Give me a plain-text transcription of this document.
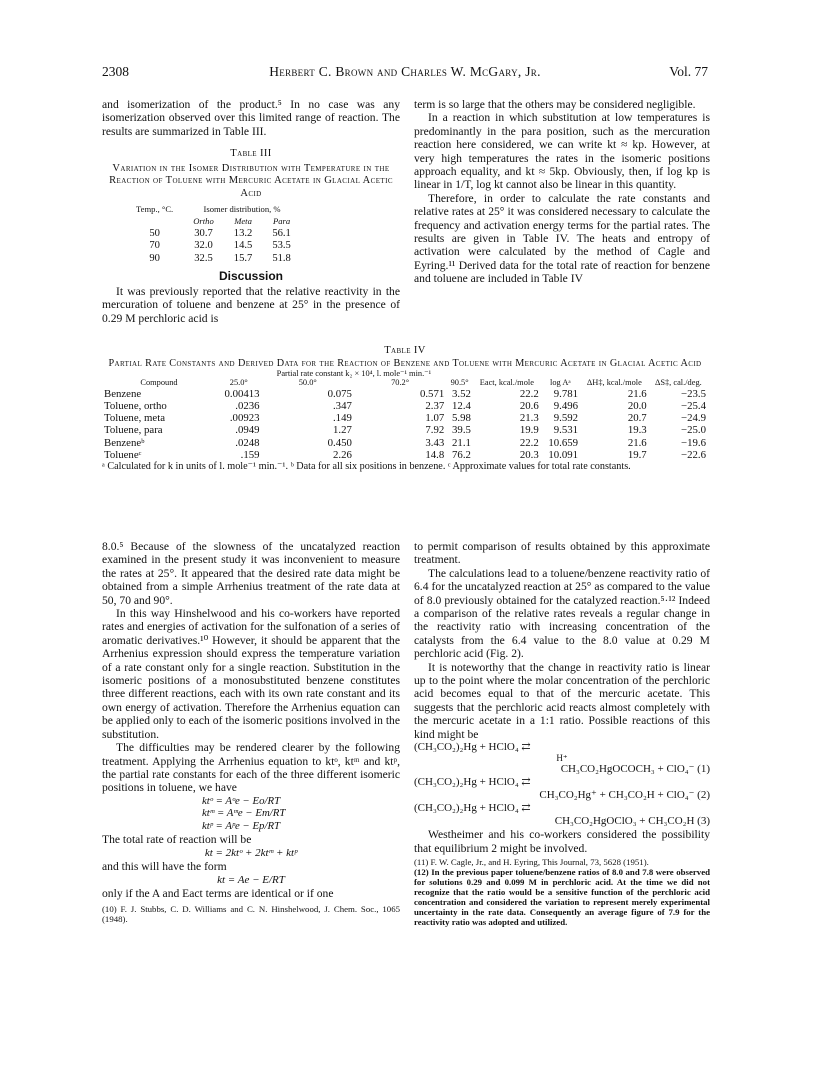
2308	Herbert C. Brown and Charles W. McGary, Jr.	Vol. 77

and isomerization of the product.⁵ In no case was any isomerization observed over this limited range of reaction. The results are summarized in Table III.

Table III
Variation in the Isomer Distribution with Temperature in the Reaction of Toluene with Mercuric Acetate in Glacial Acetic Acid
Temp., °C.	Isomer distribution, %		
	Ortho	Meta	Para
50	30.7	13.2	56.1
70	32.0	14.5	53.5
90	32.5	15.7	51.8
Discussion

It was previously reported that the relative reactivity in the mercuration of toluene and benzene at 25° in the presence of 0.29 M perchloric acid is

term is so large that the others may be considered negligible.

In a reaction in which substitution at low temperatures is predominantly in the para position, such as the mercuration reaction here considered, we can write kt ≈ kp. However, at very high temperatures the rates in the isomeric positions approach equality, and kt ≈ 5kp. Obviously, then, if log kp is linear in 1/T, log kt cannot also be linear in this quantity.

Therefore, in order to calculate the rate constants and relative rates at 25° it was considered necessary to calculate the frequency and activation energy terms for the partial rates. The results are given in Table IV. The heats and entropy of activation were calculated by the method of Cagle and Eyring.¹¹ Derived data for the total rate of reaction for benzene and toluene are included in Table IV

Table IV
Partial Rate Constants and Derived Data for the Reaction of Benzene and Toluene with Mercuric Acetate in Glacial Acetic Acid
		Partial rate constant k₂ × 10⁴, l. mole⁻¹ min.⁻¹						
Compound	25.0°	50.0°	70.2°	90.5°	Eact, kcal./mole	log Aᵃ	ΔH‡, kcal./mole	ΔS‡, cal./deg.
Benzene	0.00413	0.075	0.571	3.52	22.2	9.781	21.6	−23.5
Toluene, ortho	.0236	.347	2.37	12.4	20.6	9.496	20.0	−25.4
Toluene, meta	.00923	.149	1.07	5.98	21.3	9.592	20.7	−24.9
Toluene, para	.0949	1.27	7.92	39.5	19.9	9.531	19.3	−25.0
Benzeneᵇ	.0248	0.450	3.43	21.1	22.2	10.659	21.6	−19.6
Tolueneᶜ	.159	2.26	14.8	76.2	20.3	10.091	19.7	−22.6
ᵃ Calculated for k in units of l. mole⁻¹ min.⁻¹. ᵇ Data for all six positions in benzene. ᶜ Approximate values for total rate constants.

8.0.⁵ Because of the slowness of the uncatalyzed reaction examined in the present study it was inconvenient to measure the rates at 25°. It appeared that the desired rate data might be obtained from a simple Arrhenius treatment of the rate data at 50, 70 and 90°.

In this way Hinshelwood and his co-workers have reported rates and energies of activation for the sulfonation of a series of aromatic derivatives.¹⁰ However, it should be apparent that the Arrhenius expression should express the temperature variation of a rate constant only for a single reaction. Substitution in the isomeric positions of a monosubstituted benzene constitutes three different reactions, each with its own rate constant and its own energy of activation. Therefore the Arrhenius equation can be applied only to each of the isomeric positions involved in the substitution.

The difficulties may be rendered clearer by the following treatment. Applying the Arrhenius equation to ktᵒ, ktᵐ and ktᵖ, the partial rate constants for each of the three different isomeric positions in toluene, we have

ktᵒ = Aᵒe − Eo/RT
ktᵐ = Aᵐe − Em/RT
ktᵖ = Aᵖe − Ep/RT

The total rate of reaction will be

kt = 2ktᵒ + 2ktᵐ + ktᵖ

and this will have the form

kt = Ae − E/RT

only if the A and Eact terms are identical or if one

(10) F. J. Stubbs, C. D. Williams and C. N. Hinshelwood, J. Chem. Soc., 1065 (1948).

to permit comparison of results obtained by this approximate treatment.

The calculations lead to a toluene/benzene reactivity ratio of 6.4 for the uncatalyzed reaction at 25° as compared to the value of 8.0 previously obtained for the catalyzed reaction.⁵·¹² Indeed a comparison of the relative rates reveals a regular change in the reactivity ratio with increasing concentration of the catalysts from the 6.4 value to the 8.0 value at 0.29 M perchloric acid (Fig. 2).

It is noteworthy that the change in reactivity ratio is linear up to the point where the molar concentration of the perchloric acid becomes equal to that of the mercuric acetate. This suggests that the perchloric acid reacts almost completely with the mercuric acetate in a 1:1 ratio. Possible reactions of this kind might be

(CH₃CO₂)₂Hg + HClO₄ ⇄
H⁺
CH₃CO₂HgOCOCH₃ + ClO₄⁻ (1)
(CH₃CO₂)₂Hg + HClO₄ ⇄
CH₃CO₂Hg⁺ + CH₃CO₂H + ClO₄⁻ (2)
(CH₃CO₂)₂Hg + HClO₄ ⇄
CH₃CO₂HgOClO₃ + CH₃CO₂H (3)

Westheimer and his co-workers considered the possibility that equilibrium 2 might be involved.

(11) F. W. Cagle, Jr., and H. Eyring, This Journal, 73, 5628 (1951).

(12) In the previous paper toluene/benzene ratios of 8.0 and 7.8 were observed for solutions 0.29 and 0.099 M in perchloric acid. At the time we did not recognize that the ratio would be a sensitive function of the perchloric acid concentration and considered the variation to represent merely experimental uncertainty in the rate data. Consequently an average figure of 7.9 for the reactivity ratio was adopted and utilized.
